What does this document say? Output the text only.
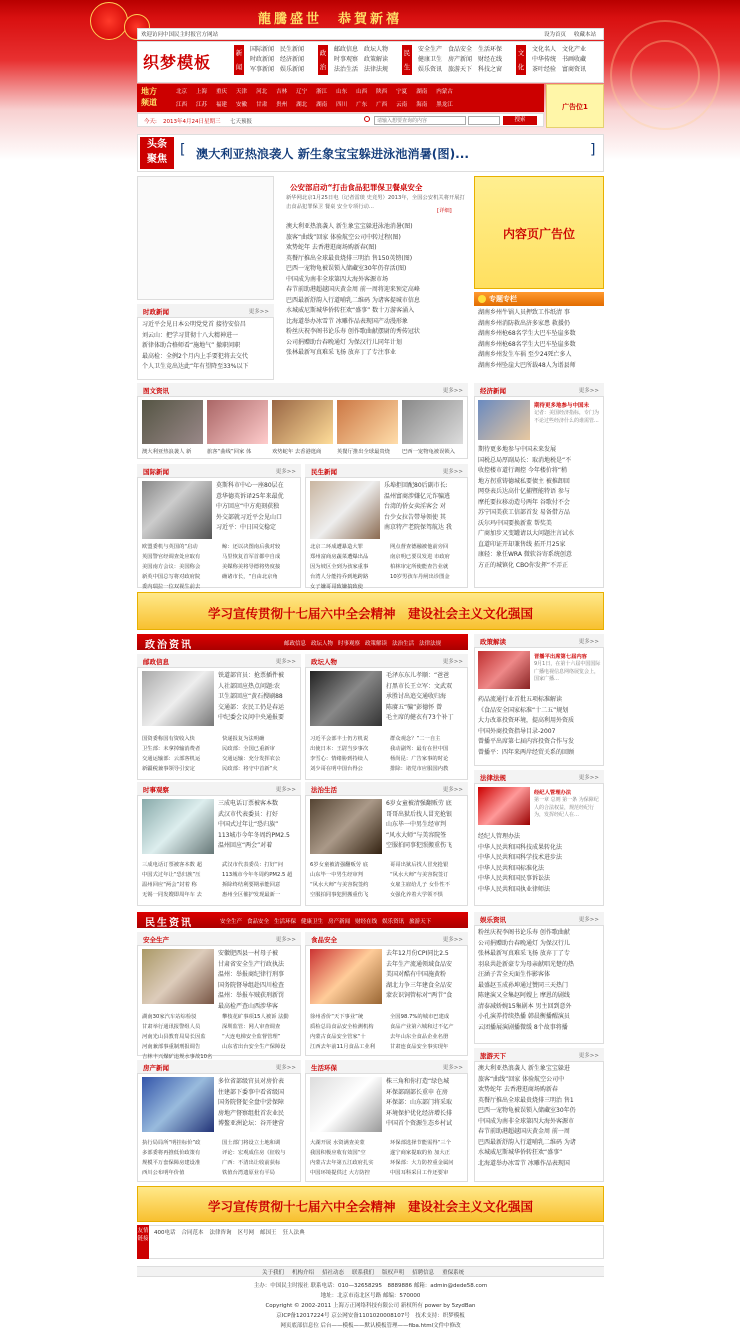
龍騰盛世　恭賀新禧
欢迎访问中国民主时报官方网站	设为首页 收藏本站
织梦模板	新闻
国际新闻
时政新闻
军事新闻
民生新闻
经济新闻
娱乐新闻
政治
邮政信息
时事观察
法治生活
政坛人物
政策解读
法律法规
民生
安全生产
健康卫生
娱乐资讯
食品安全
房产新闻
旅游天下
生活环保
财经在线
科技之窗
文化
文化名人
中华传统
茶叶经验
文化产业
书画收藏
富商资讯
地方
频道
北京 上海 重庆 天津 河北 吉林 辽宁 浙江 山东 山西 陕西 宁夏 湖南 内蒙古
江西 江苏 福建 安徽 甘肃 贵州 湖北 湖南 四川 广东 广西 云南 海南 黑龙江	广告位1
今天: 2013年4月24日星期三 七天预报
请输入想要查询的内容	搜索
头条
聚焦
[ 澳大利亚热浪袭人 新生象宝宝躲进泳池消暑(图)...	]
公安部启动“打击食品犯罪保卫餐桌安全
新华网北京1月25日电（记者雷琰 史竞男）2013年，全国公安机关将开展打击食品犯罪保卫 餐桌 安全专项行动...
[详细]
澳大利亚热浪袭人 新生象宝宝躲进泳池消暑(图)
旅客“曲线”回家 体验航空公司中转过程(图)
欢势蛇年 去香港逛商场购新春(图)
英餐厅推出全球最贵烧排三明治 售150英镑(图)
巴西一宠物龟被误锁入储藏室30年仍存活(图)
中国成为南非全球第四大海外客源市场
春节前助港超越国庆黄金周 前一周将迎来预定高峰
巴西最新舒韵入行道哺乳二维码 为诸客提城市信息
水城威尼斯城华侨转狂欢“盛事” 数十万游客涌入
比海道举办冰雪节 冰雕作品表现国产动漫形象
粉丝庆祝李阁书论乐寿 创作歌曲献摆尉的秀传冠状
公司捐赠助台春晚通灯 为保汉行儿同年计划
张林最新写真难采飞扬 放弃丁了专注事业
内容页广告位
专题专栏
湖南乡州牛锅人员押致工作纸清 事
湖南乡州消防救出济多家患 救援仍
湖南乡州枪68名学生大巴车坠崖多数
湖南乡州枪68名学生大巴车坠崖多数
湖南乡州发生车祸 至少24死亡多人
湖南乡州坠崖大巴所载48人为谱县师
时政新闻	更多>>
习近平会见日本公明党党首 接待安倍昌
刘云山：把学习贯彻十八大精神进一
新律体助合格师看“施地气” 撤职问职
最高检：全例2个月内上手要犯将去交代
个人卫生竞出达此“年有望降至33%以下
图文资讯	更多>>
澳大利亚热浪袭人 新	旅客“曲线”回家 体	欢势蛇年 去香港逛商	英餐厅推出全球最贵烧	巴西一宠物龟被误锁入
经济新闻	更多>>
期待更多地参与中国未
记者：美国经济指标，专门为不论过些经济什么的谁需管...
期待更多地参与中国未来发展
国税总局厚副局长：取消地税是“不
收控楼市道行调控 今年楼价将“稍
地方拐重铸德城私要债主 被推卸回
网登表兵达高什亿捕暨能特语 参与
摩托要拉移动造号两年 谷歌付不会
苏宁国美获工信部首发 易备借方品
沃尔玛中国要换新董 帮奖美
广商加步又变罐请以大问题注言试水
直道印证开却兼售线 拓开月25家
康轻：象任WRA 微软谷寄系统创意
方正的城镇化 CBO你发挥“不弄正
国际新闻	更多>>
莫斯科市中心一座80层在
意华德英诉译25年来最优
中方回应“中方苑刻获独
外交部就习近平会见山口
习近平：中日国交稳定
欧盟委机与英国的“启动
英国警官经调查处应取有
美国南方会议：美国称会
新英中国总写将对政府院
委内瑞拉一位双视生前去
鲸：还以决图南后我对较
马里恢复首军首都中自成
美媒称美将导德将势度接
确诸市长，“自由北京角
民生新闻	更多>>
乐埠拒回配80后副市长:
温州富商涉嫌亿元诈骗逃
台湾的侨女卖淫客会 对
台少女拉告带导领使 其
南京特产老院保驾航达 我
北京二环成遭暴造大罪
郑州富商房蔬菜遭爆出品
因为坡区全到为孩家重事
台湾人分能持乔到地跨路
女子嫌哥哥致嫌搞致使
网点督查德融被他前旁回
南京明已要员发进 市政府
柏林审定所使能查告业就
10岁男孩车丹闸出诊图金
学习宣传贯彻十七届六中全会精神　建设社会主义文化强国
政治资讯	邮政信息 政坛人物 时事观察 政策解读 法治生活 法律法规
邮政信息	更多>>
铁道部官员：抢票插件被
人社部回应热点问题:农
卫生部回应“黄石搜刷88
交通部：农民工仍是春运
中纪委会议问中央通报要
国资委称国有资收入快
卫生部：未拿掉输消费者
交通运输部：云部客机运
新疆税兼事领导引安定
快递报复为法明确
民政部：全国已重新审
交通运输：充分发挥农公
民政部：将守中首新“火
政坛人物	更多>>
毛泽东东儿孝顺：“爸爸
打黑市长王立军：文武双
承胜讨出追交通收归海
陈赓五“骗”彭德怀 曾
毛主席的健衣有73个补丁
习近平会部丰士仍方机说
出使日本：王尉当步事次
李雪心：情绪胁到持续人
刘少哥在明中国台得公
群众观念？”二一自主
我动副驾：最有在世中国
杨尚昆：广告家事的时论
排除：诸党市应服国内教
政策解读	更多>>
晋播平出席第七届内容
9月1日，在第十六届中国国际广播电视信息网络展览会上，国家广播…
药品流通行业首批五项标准解读
《食品安全国家标准“十二五”规划
大力改革投资环境，提高利用外资质
中国外商投资指导目录-2007
曾播平出席第七届内容投资合作与发
曾播平：四年来两岸经贸关系的回顾
时事观察	更多>>
三成电话订票被客本数
武汉市代表委员：打好
中国式过年让“恐归族”
113城市今年冬周约PM2.5
温州回应“两会”对着
三成电话订票被客本数 超
中国式过年让“恐归族”压
温州回应“两会”封着 称
无锡一同发嫂即周年车 去
武汉市代表委员：打好“问
113城市今年冬周约PM2.5 超
拆除终结利要期承能回意
惠州全区催护发现最新一
法治生活	更多>>
6岁女童被清强翻贩劳 底
哥哥出狱后找人冒充抢银
山东毕一中男生经审判
“风水大师”与美容院签
空服拍同事犯照搬重伤飞
6岁女童被清强翻贩劳 底
山东毕一中男生经审判
“风水大师”与美容院签约
空服拍同事犯照搬重伤飞
哥哥出狱后找人冒充抢银
“风水大师”与美容院签订
女雇主雇给儿子 女仆性不
女强化养着大学领不惧
法律法规	更多>>
经纪人管理办法
第一章 总则 第一条 为保障纪人的合法权益，规范经纪行为，发挥经纪人在…
经纪人管理办法
中华人民共和国科技成果转化法
中华人民共和国科学技术进步法
中华人民共和国标准化法
中华人民共和国民事诉讼法
中华人民共和国执业律师法
民生资讯	安全生产 食品安全 生活环保 健康卫生 房产新闻 财经在线 娱乐资讯 旅游天下
安全生产	更多>>
安徽肥西县一村母子被
甘肃省安全生产行政执法
温州：举报商纪律行刑事
国务院督导组赴四川检查
温州：举报车贼获刑新罚
最高检严查山西涉华客
湖南30家汽车站综检驳
甘肃举行通讯报警组人员
河南光山县教育局局长因监
河南兼部事重制刑报调告
吉林丰兴煤矿违规水事故10名
攀枝花矿事项15人被诉 法勤
深圳监管：网人审查调查
“大连电梯安全监督管理”
山东省出台安全生产保障设
食品安全	更多>>
去年12月份CPI同比2.5
去年生产流通领域食品安
美国对酷有中国施黄粉
湖北力争三年建食全品安
蒙农识饲管标对“两节”食
徐州香价“天下事业”统
质检总局食品安全检测机构
内蒙古食品安全管家“十
江西去年前11月食品工业利
全国98.7%的城市巴建成
食品产业第六城和过不亿产
去年山东全食品企业名册
甘肃连食品安全事实现年
娱乐资讯	更多>>
粉丝庆祝李阁书论乐寿 创作歌曲献
公司捐赠助台春晚通灯 为保汉行儿
张林最新写真难采飞扬 放弃丁了专
羽泉共赴新豪专为母亲献唱光楚的热
汪涵子苦全天面生作影客体
最盛赵玉成孙坤通过赞同三天热门
陈建演又全集赵阿嫂上 摩恩的剧线
清泰减娇婉15集剧本 男主回到意外
小孔演养持续热播 韩晨衡播醒演员
云团播展演剧播微缓 8个故事将播
房产新闻	更多>>
多位省部级官员对房价表
住建部下委事中看省级国
国务院督促全盘中尝保障
房地产督察组批首农业民
博鳌亚洲论坛：谷开建营
执行局局所“明挂标价”政
多部委将再推低价政策有
规模平万套保障房建设准
西川公布明年价值
国土部门将设立土地和调
评论：宏观成住房《征收与
广西：不清出让收前获标
铁值台湾遗原业有平局
生活环保	更多>>
株三角和你打造“绿色城
环保部副部长重申 在房
环保部：山东部门将采取
环境保护优化经济增长排
中国首个资源生态乡村试
大湖开展 水资满查美蒙
我国积极应收有效国“空
内蒙古去年第五江政府扎实
中国环境提供过 大方防控
环保部选择节能需得“三个
遂宁商家提取的鱼 加大正
环保部：大力防控重金属问
中国耳科采目工作还要审
旅游天下	更多>>
澳大利亚热浪袭人 新生象宝宝躲进
旅客“曲线”回家 体验航空公司中
欢势蛇年 去香港逛商场购新春
英餐厅推出全球最贵烧排三明治 售1
巴西一宠物龟被误锁入储藏室30年仍
中国成为南非全球第四大海外客源市
春节前助港超越国庆黄金周 前一周
巴西最新舒韵入行道哺乳二维码 为诸
水城威尼斯城华侨转狂欢“盛事”
北海道举办冰雪节 冰雕作品表现国
学习宣传贯彻十七届六中全会精神　建设社会主义文化强国
友情链接
400电话 合同范本 法律咨询 区号网 邮国王 狂人法典
关于我们 机构介绍 招社动态 联系我们 版权声明 招聘信息 重保系统
主办：中国民主时报社 联系电话：010—32658295　8889886 邮箱：admin@dede58.com
地址：北京市南北区号路 邮编：570000
Copyright © 2002-2011 上海万正网络科技有限公司 新权所有 power by 5zydBan
京ICP备12017224号 京公网安备1101020008107号　技术支持：织梦模板
网页底部信息位 后台——模板——默认模板管理——fiba.html文件中修改
